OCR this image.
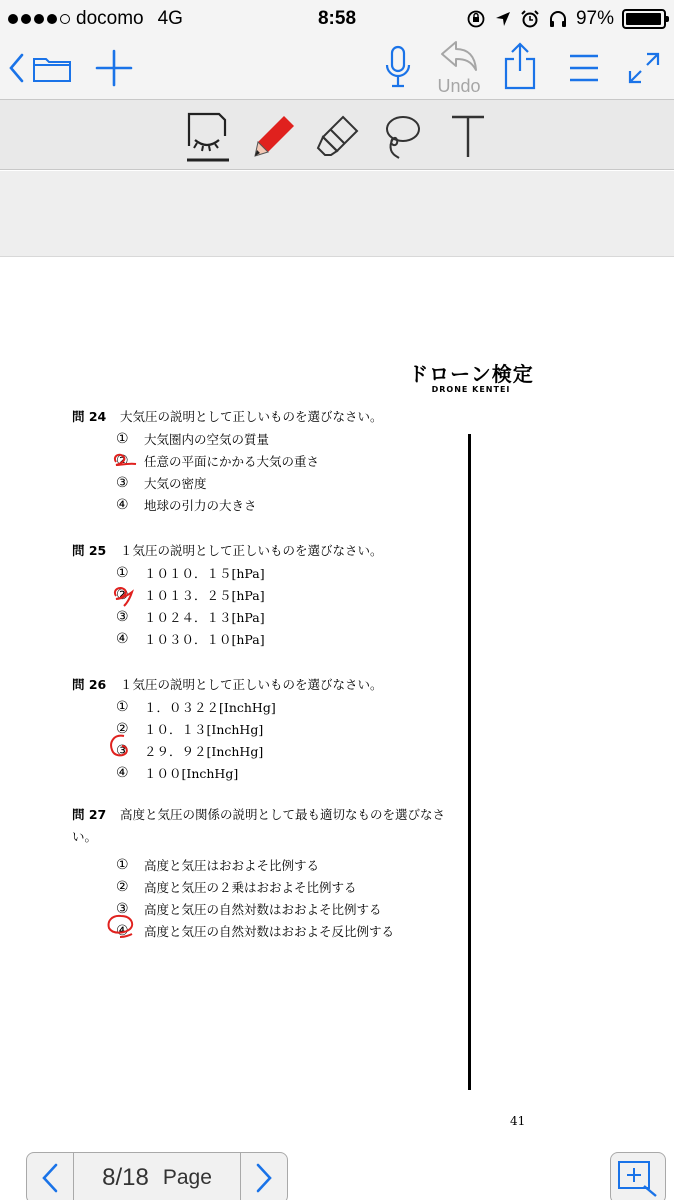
docomo 4G	8:58	97%
Undo
ドローン検定
DRONE KENTEI
問 24	大気圧の説明として正しいものを選びなさい。
①	大気圏内の空気の質量
②	任意の平面にかかる大気の重さ
③	大気の密度
④	地球の引力の大きさ
問 25	１気圧の説明として正しいものを選びなさい。
①	１０１０．１５[hPa]
②	１０１３．２５[hPa]
③	１０２４．１３[hPa]
④	１０３０．１０[hPa]
問 26	１気圧の説明として正しいものを選びなさい。
①	１．０３２２[InchHg]
②	１０．１３[InchHg]
③	２９．９２[InchHg]
④	１００[InchHg]
問 27 高度と気圧の関係の説明として最も適切なものを選びなさい。
①	高度と気圧はおおよそ比例する
②	高度と気圧の２乗はおおよそ比例する
③	高度と気圧の自然対数はおおよそ比例する
④	高度と気圧の自然対数はおおよそ反比例する
41
8/18 Page
